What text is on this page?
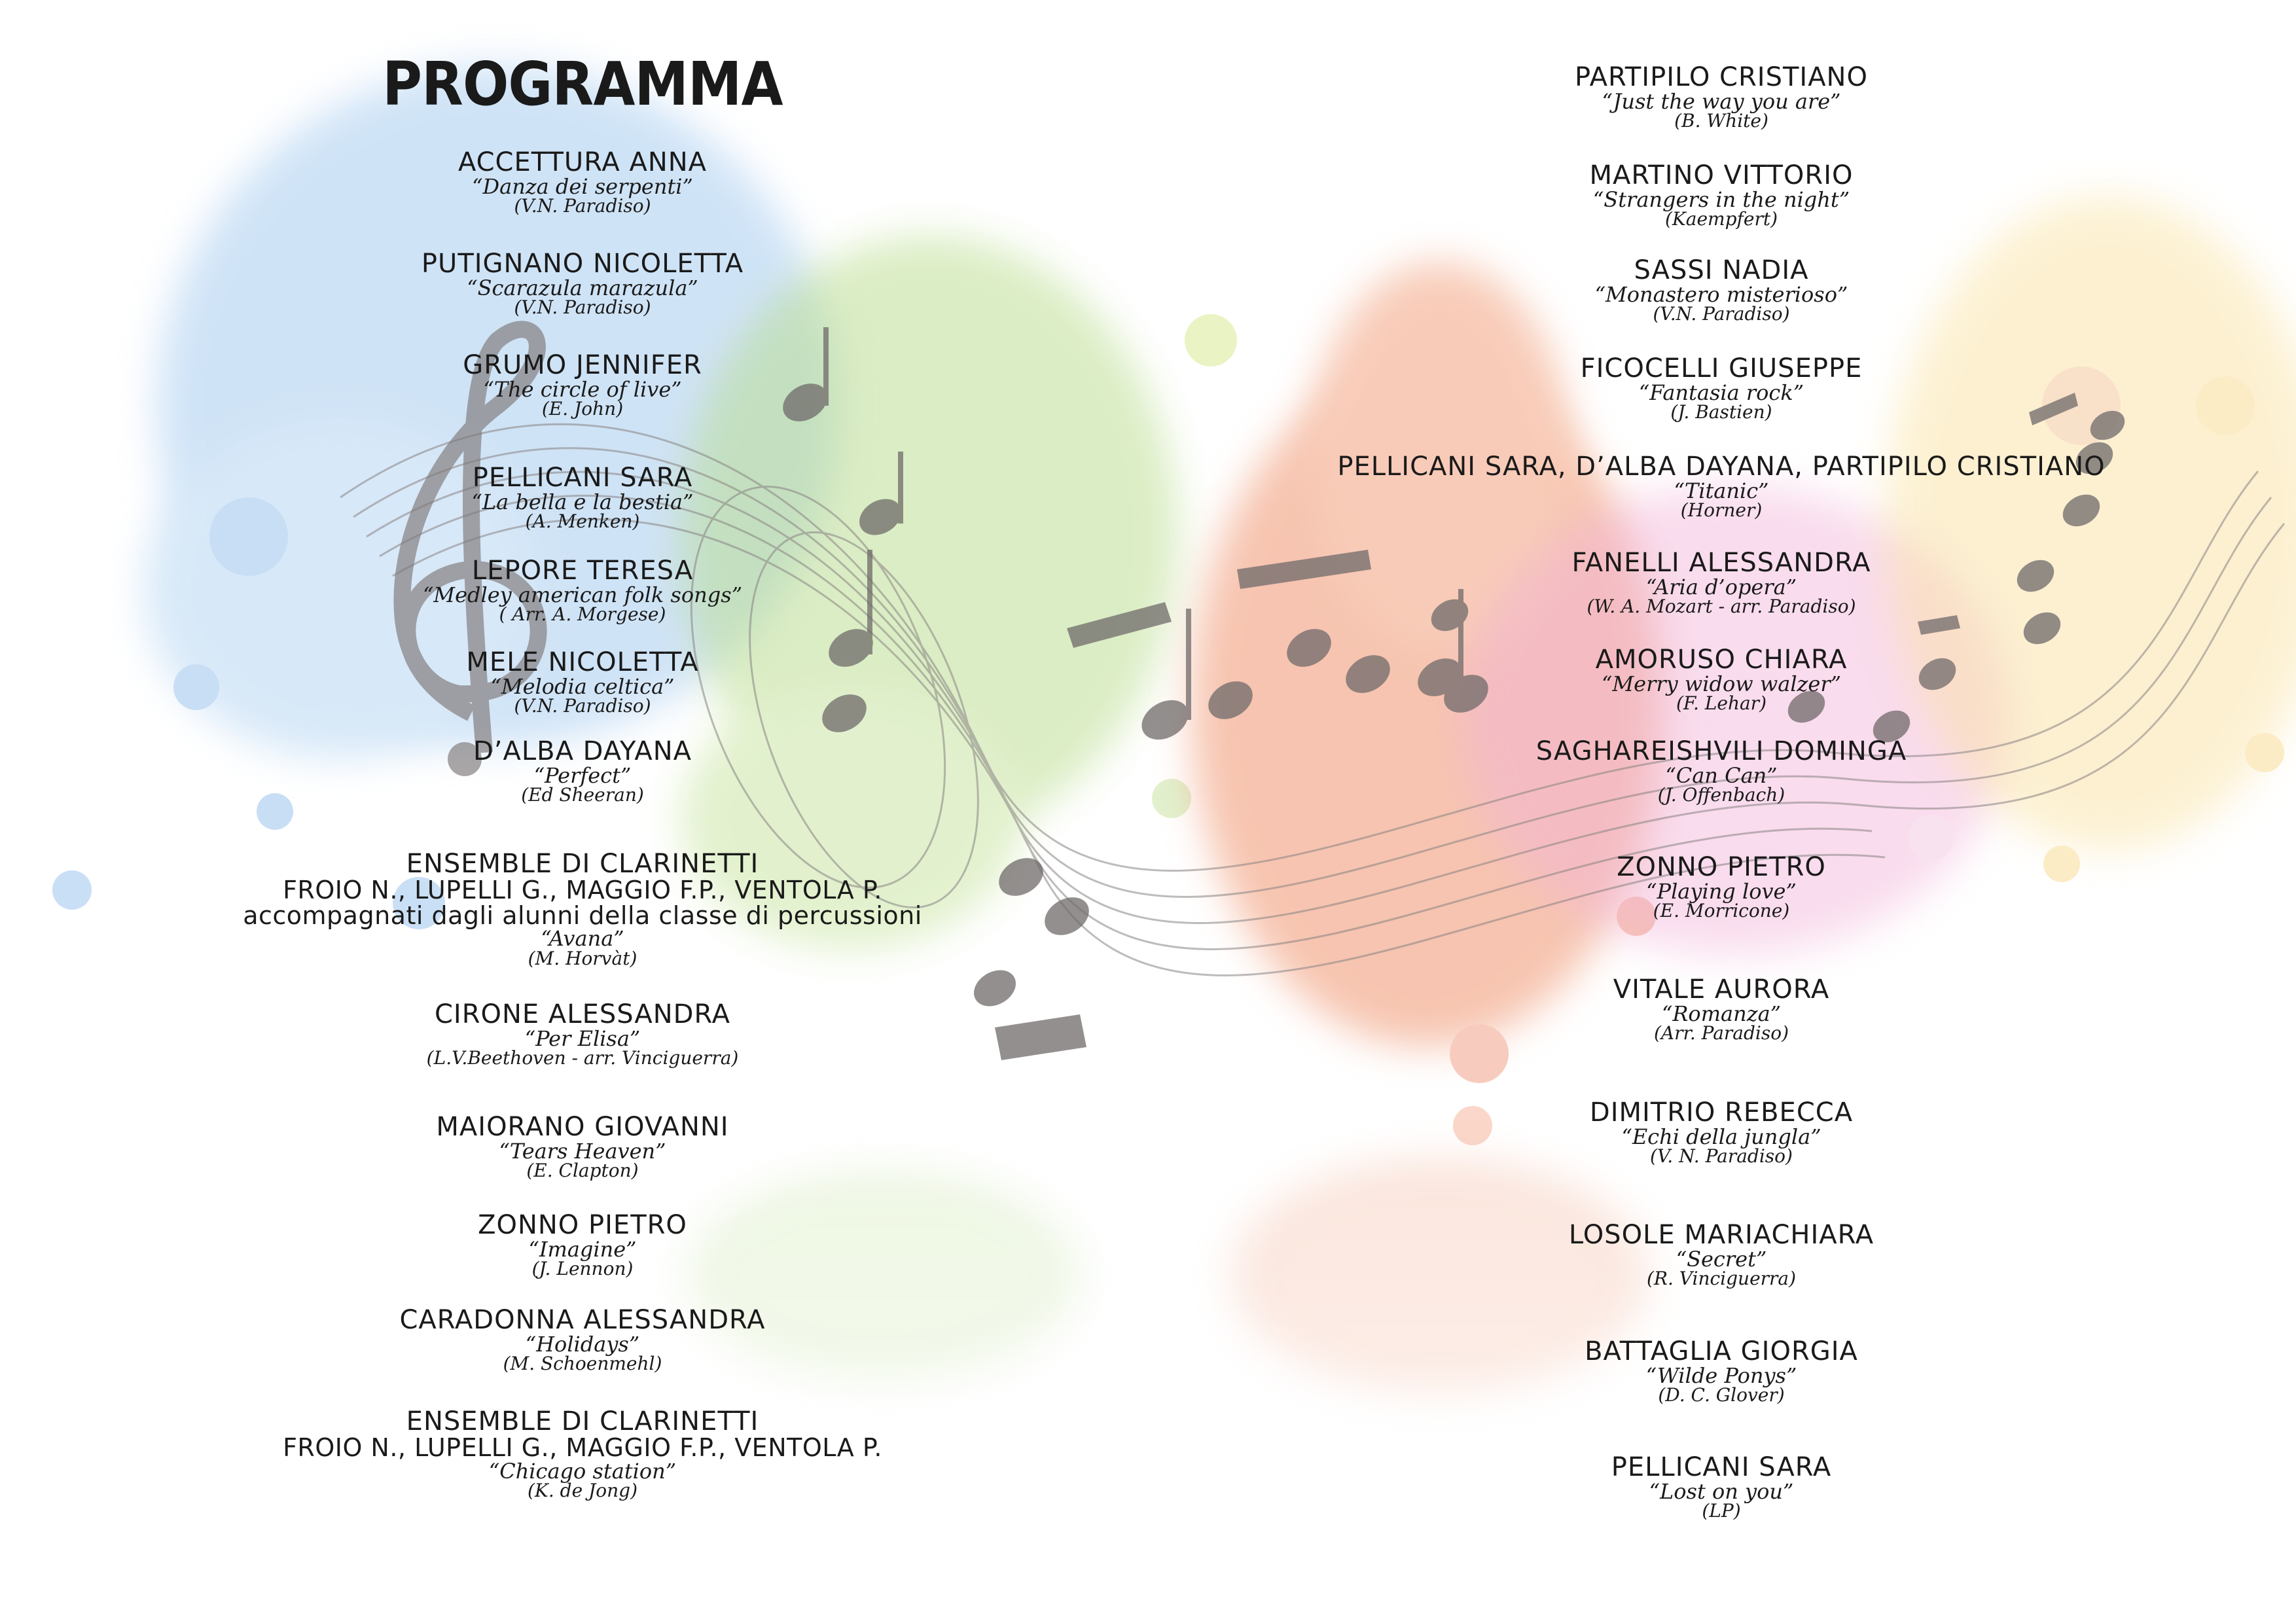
PROGRAMMA
ACCETTURA ANNA
“Danza dei serpenti”
(V.N. Paradiso)
PUTIGNANO NICOLETTA
“Scarazula marazula”
(V.N. Paradiso)
GRUMO JENNIFER
“The circle of live”
(E. John)
PELLICANI SARA
“La bella e la bestia”
(A. Menken)
LEPORE TERESA
“Medley american folk songs”
( Arr. A. Morgese)
MELE NICOLETTA
“Melodia celtica”
(V.N. Paradiso)
D’ALBA DAYANA
“Perfect”
(Ed Sheeran)
ENSEMBLE DI CLARINETTI
FROIO N., LUPELLI G., MAGGIO F.P., VENTOLA P.
accompagnati dagli alunni della classe di percussioni
“Avana”
(M. Horvàt)
CIRONE ALESSANDRA
“Per Elisa”
(L.V.Beethoven - arr. Vinciguerra)
MAIORANO GIOVANNI
“Tears Heaven”
(E. Clapton)
ZONNO PIETRO
“Imagine”
(J. Lennon)
CARADONNA ALESSANDRA
“Holidays”
(M. Schoenmehl)
ENSEMBLE DI CLARINETTI
FROIO N., LUPELLI G., MAGGIO F.P., VENTOLA P.
“Chicago station”
(K. de Jong)
PARTIPILO CRISTIANO
“Just the way you are”
(B. White)
MARTINO VITTORIO
“Strangers in the night”
(Kaempfert)
SASSI NADIA
“Monastero misterioso”
(V.N. Paradiso)
FICOCELLI GIUSEPPE
“Fantasia rock”
(J. Bastien)
PELLICANI SARA, D’ALBA DAYANA, PARTIPILO CRISTIANO
“Titanic”
(Horner)
FANELLI ALESSANDRA
“Aria d’opera”
(W. A. Mozart - arr. Paradiso)
AMORUSO CHIARA
“Merry widow walzer”
(F. Lehar)
SAGHAREISHVILI DOMINGA
“Can Can”
(J. Offenbach)
ZONNO PIETRO
“Playing love”
(E. Morricone)
VITALE AURORA
“Romanza”
(Arr. Paradiso)
DIMITRIO REBECCA
“Echi della jungla”
(V. N. Paradiso)
LOSOLE MARIACHIARA
“Secret”
(R. Vinciguerra)
BATTAGLIA GIORGIA
“Wilde Ponys”
(D. C. Glover)
PELLICANI SARA
“Lost on you”
(LP)
